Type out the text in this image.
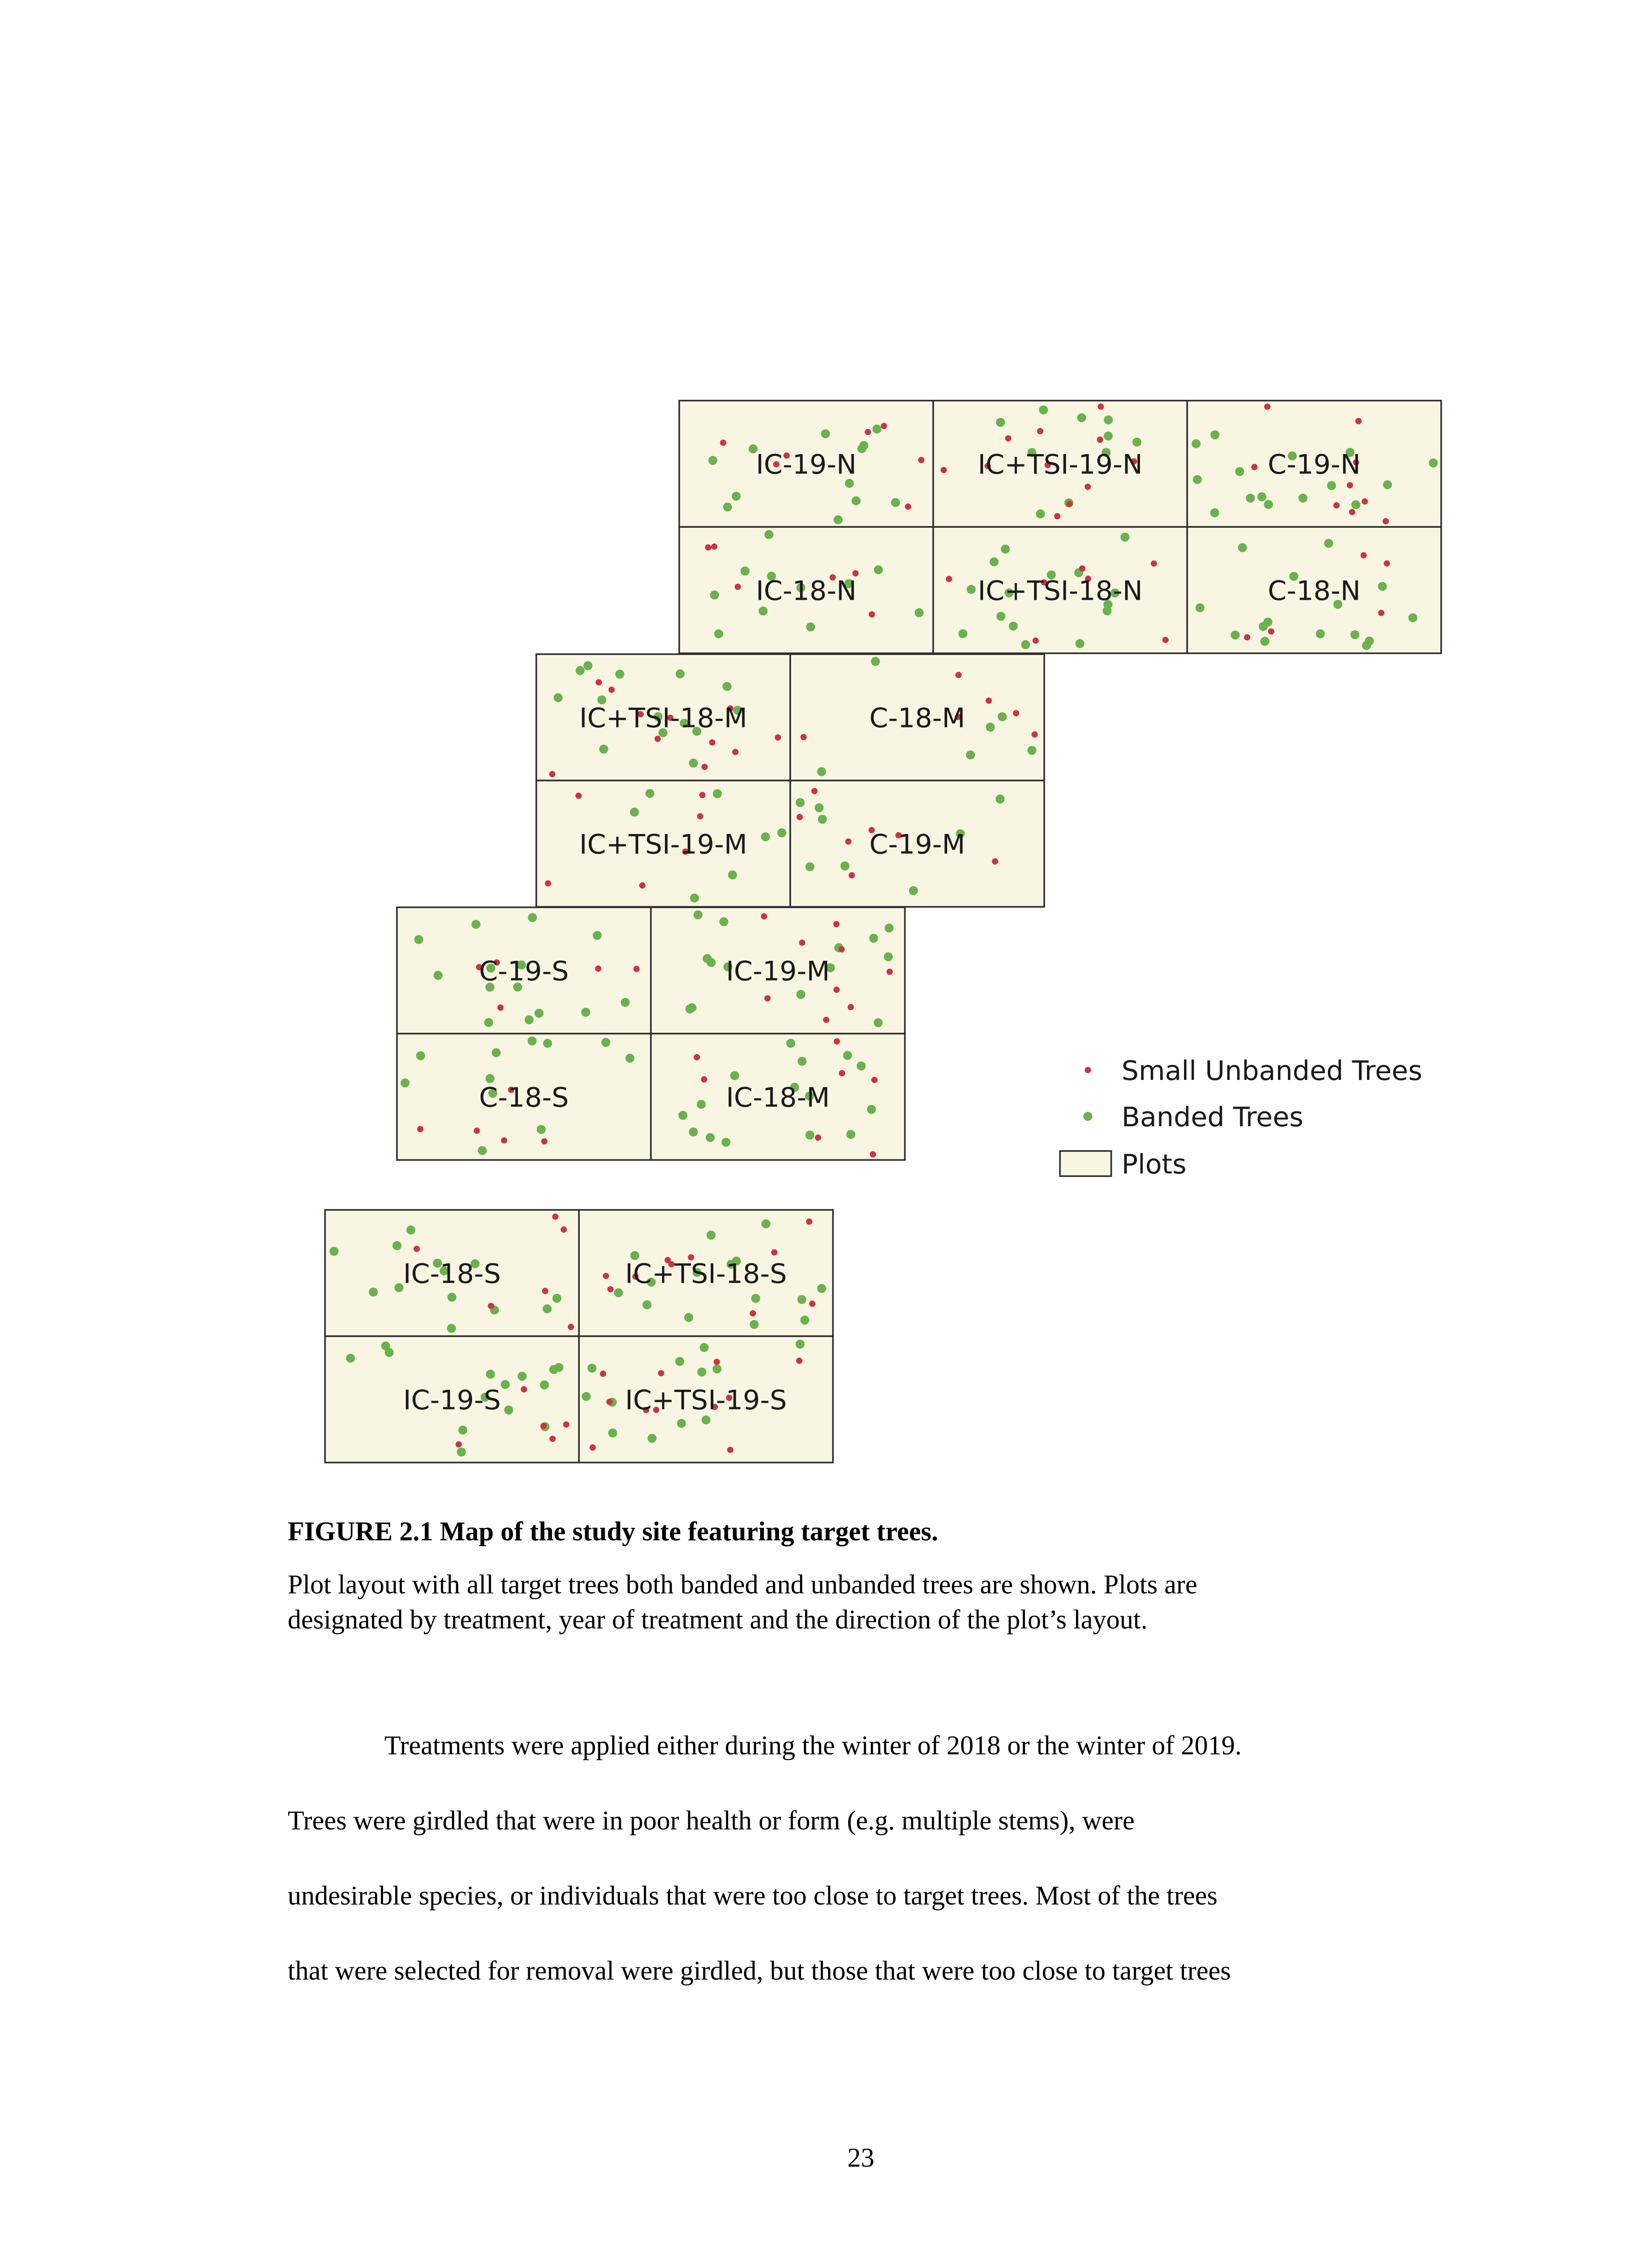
IC-19-N	IC+TSI-19-N	C-19-N
IC-18-N	IC+TSI-18-N	C-18-N
IC+TSI-18-M	C-18-M
IC+TSI-19-M	C-19-M
C-19-S	IC-19-M
C-18-S	IC-18-M
IC-18-S	IC+TSI-18-S
IC-19-S	IC+TSI-19-S
Small Unbanded Trees
Banded Trees
Plots
FIGURE 2.1 Map of the study site featuring target trees.
Plot layout with all target trees both banded and unbanded trees are shown. Plots are
designated by treatment, year of treatment and the direction of the plot’s layout.
Treatments were applied either during the winter of 2018 or the winter of 2019.
Trees were girdled that were in poor health or form (e.g. multiple stems), were
undesirable species, or individuals that were too close to target trees. Most of the trees
that were selected for removal were girdled, but those that were too close to target trees
23
